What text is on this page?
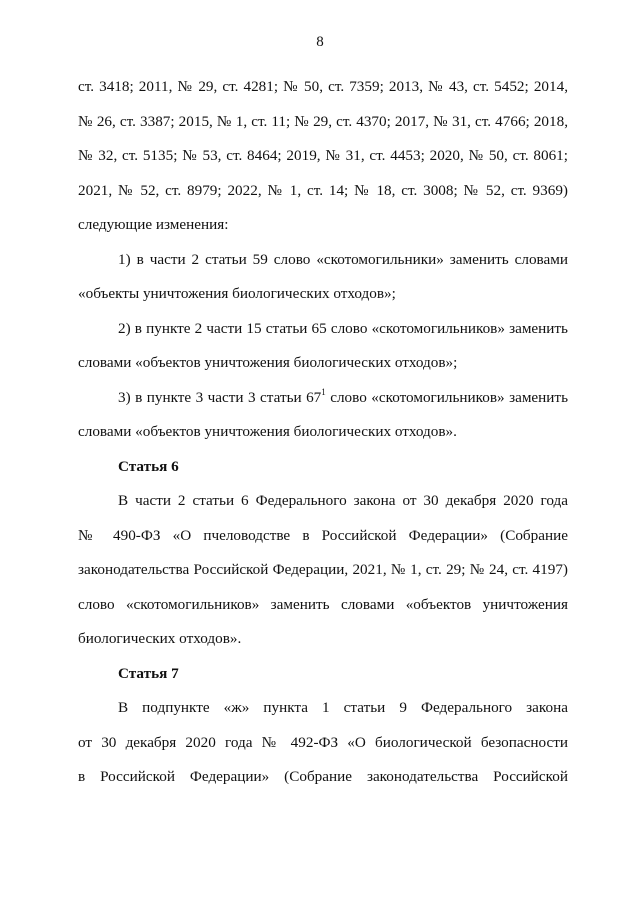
8
ст. 3418; 2011, № 29, ст. 4281; № 50, ст. 7359; 2013, № 43, ст. 5452; 2014,
№ 26, ст. 3387; 2015, № 1, ст. 11; № 29, ст. 4370; 2017, № 31, ст. 4766; 2018,
№ 32, ст. 5135; № 53, ст. 8464; 2019, № 31, ст. 4453; 2020, № 50, ст. 8061;
2021, № 52, ст. 8979; 2022, № 1, ст. 14; № 18, ст. 3008; № 52, ст. 9369)
следующие изменения:
1) в части 2 статьи 59 слово «скотомогильники» заменить словами
«объекты уничтожения биологических отходов»;
2) в пункте 2 части 15 статьи 65 слово «скотомогильников» заменить
словами «объектов уничтожения биологических отходов»;
3) в пункте 3 части 3 статьи $67^1$ слово «скотомогильников» заменить
словами «объектов уничтожения биологических отходов».
Статья 6
В части 2 статьи 6 Федерального закона от 30 декабря 2020 года
№ 490-ФЗ «О пчеловодстве в Российской Федерации» (Собрание
законодательства Российской Федерации, 2021, № 1, ст. 29; № 24, ст. 4197)
слово «скотомогильников» заменить словами «объектов уничтожения
биологических отходов».
Статья 7
В подпункте «ж» пункта 1 статьи 9 Федерального закона
от 30 декабря 2020 года № 492-ФЗ «О биологической безопасности
в Российской Федерации» (Собрание законодательства Российской
